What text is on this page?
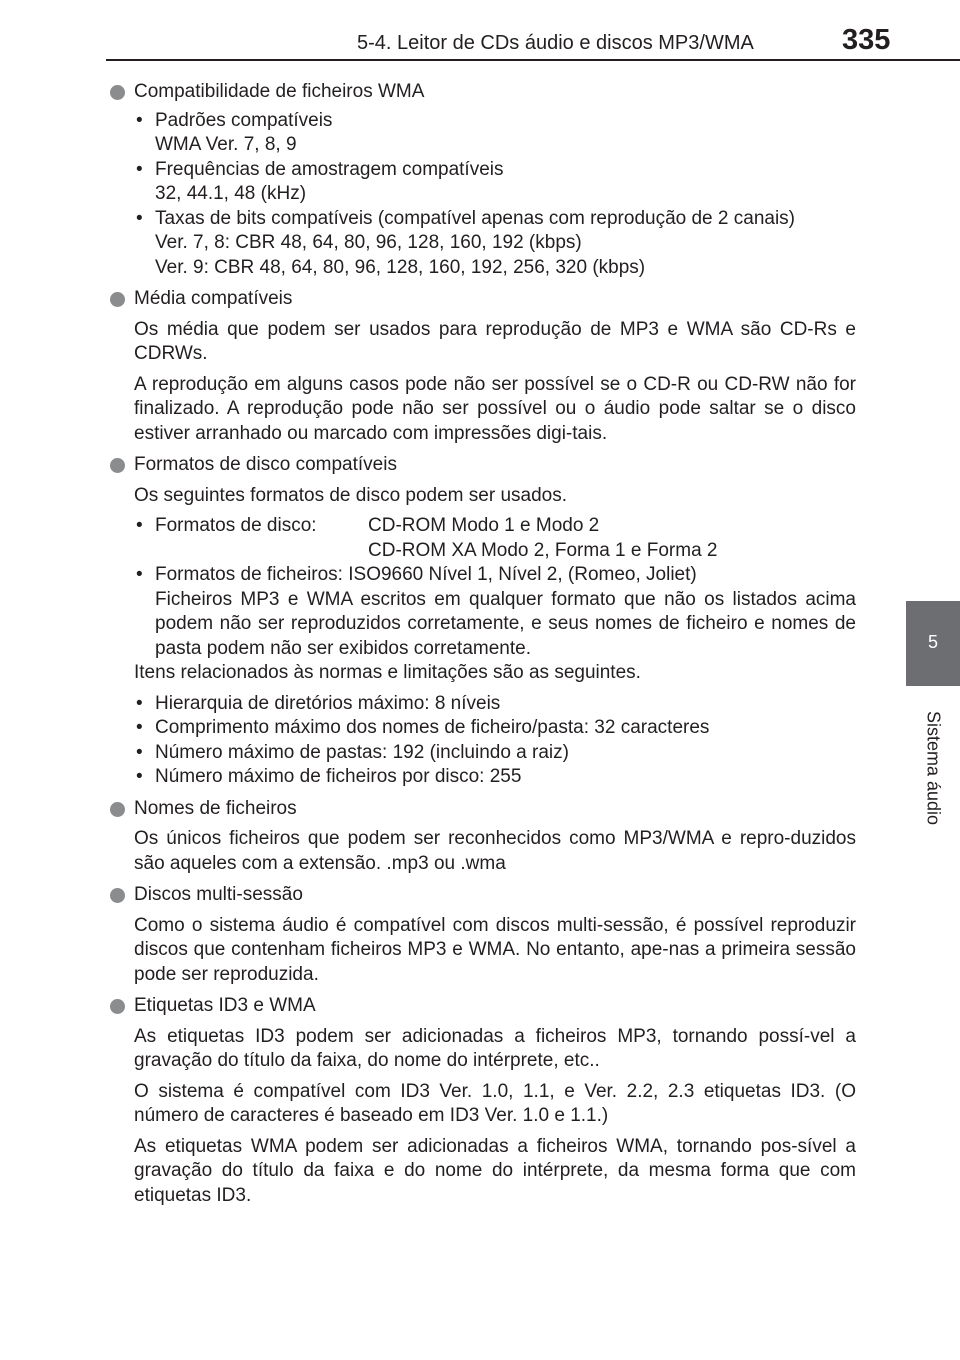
5-4. Leitor de CDs áudio e discos MP3/WMA	335
5
Sistema áudio
Compatibilidade de ficheiros WMA
• Padrões compatíveis
WMA Ver. 7, 8, 9
• Frequências de amostragem compatíveis
32, 44.1, 48 (kHz)
• Taxas de bits compatíveis (compatível apenas com reprodução de 2 canais)
Ver. 7, 8: CBR 48, 64, 80, 96, 128, 160, 192 (kbps)
Ver. 9: CBR 48, 64, 80, 96, 128, 160, 192, 256, 320 (kbps)
Média compatíveis
Os média que podem ser usados para reprodução de MP3 e WMA são CD-Rs e CDRWs.
A reprodução em alguns casos pode não ser possível se o CD-R ou CD-RW não for finalizado. A reprodução pode não ser possível ou o áudio pode saltar se o disco estiver arranhado ou marcado com impressões digi-tais.
Formatos de disco compatíveis
Os seguintes formatos de disco podem ser usados.
• Formatos de disco:	CD-ROM Modo 1 e Modo 2
CD-ROM XA Modo 2, Forma 1 e Forma 2
• Formatos de ficheiros: ISO9660 Nível 1, Nível 2, (Romeo, Joliet)
Ficheiros MP3 e WMA escritos em qualquer formato que não os listados acima podem não ser reproduzidos corretamente, e seus nomes de ficheiro e nomes de pasta podem não ser exibidos corretamente.
Itens relacionados às normas e limitações são as seguintes.
• Hierarquia de diretórios máximo: 8 níveis
• Comprimento máximo dos nomes de ficheiro/pasta: 32 caracteres
• Número máximo de pastas: 192 (incluindo a raiz)
• Número máximo de ficheiros por disco: 255
Nomes de ficheiros
Os únicos ficheiros que podem ser reconhecidos como MP3/WMA e repro-duzidos são aqueles com a extensão. .mp3 ou .wma
Discos multi-sessão
Como o sistema áudio é compatível com discos multi-sessão, é possível reproduzir discos que contenham ficheiros MP3 e WMA. No entanto, ape-nas a primeira sessão pode ser reproduzida.
Etiquetas ID3 e WMA
As etiquetas ID3 podem ser adicionadas a ficheiros MP3, tornando possí-vel a gravação do título da faixa, do nome do intérprete, etc..
O sistema é compatível com ID3 Ver. 1.0, 1.1, e Ver. 2.2, 2.3 etiquetas ID3. (O número de caracteres é baseado em ID3 Ver. 1.0 e 1.1.)
As etiquetas WMA podem ser adicionadas a ficheiros WMA, tornando pos-sível a gravação do título da faixa e do nome do intérprete, da mesma forma que com etiquetas ID3.
